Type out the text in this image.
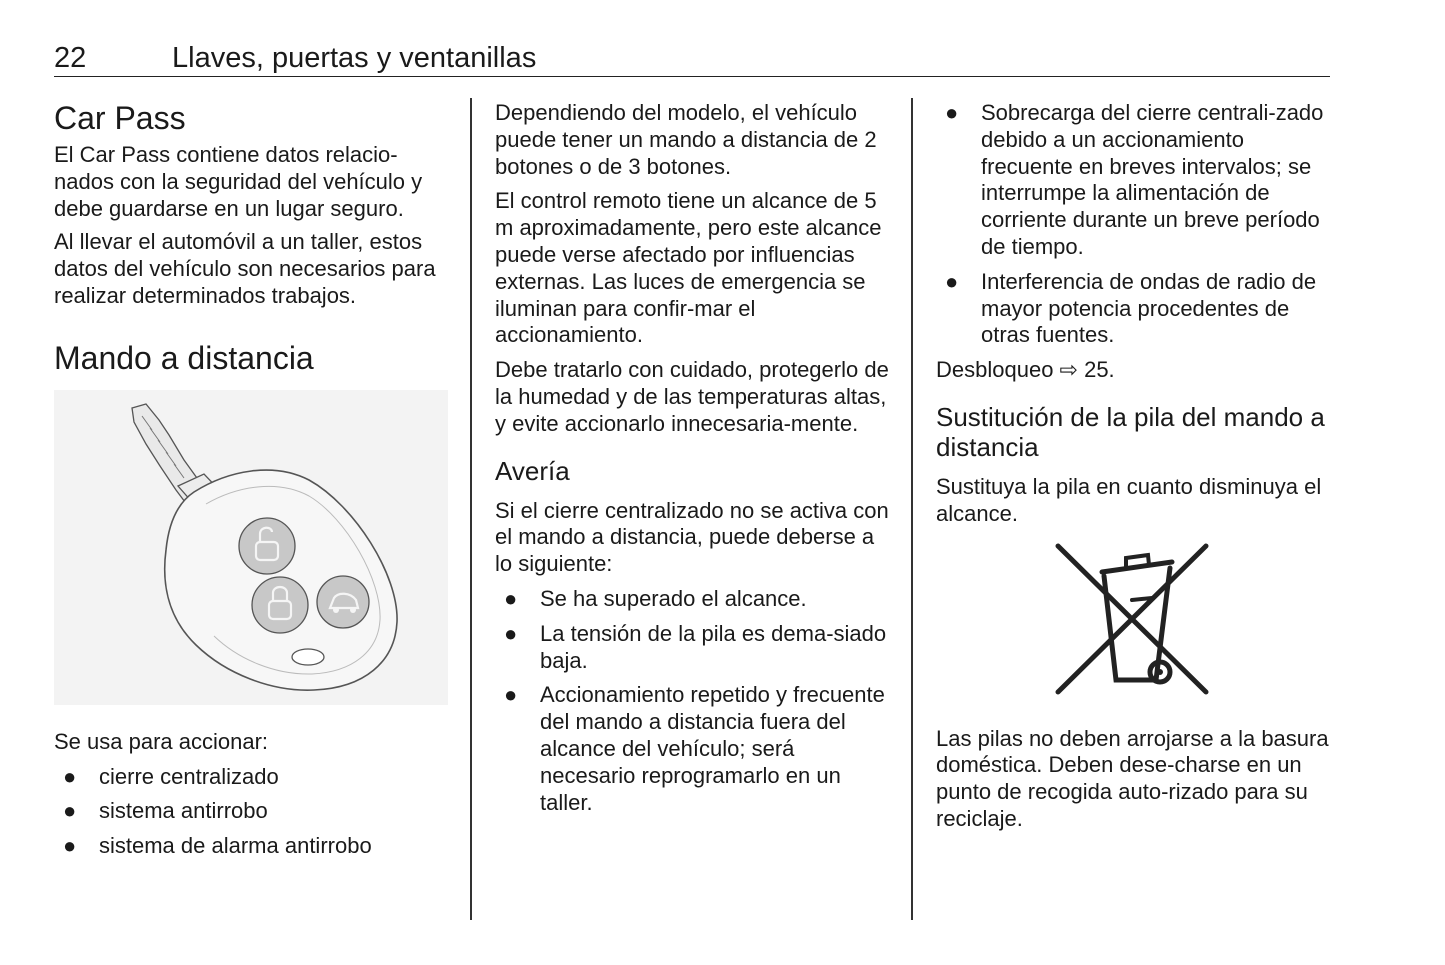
22	Llaves, puertas y ventanillas
Car Pass

El Car Pass contiene datos relacio-nados con la seguridad del vehículo y debe guardarse en un lugar seguro.

Al llevar el automóvil a un taller, estos datos del vehículo son necesarios para realizar determinados trabajos.

Mando a distancia

Se usa para accionar:

● cierre centralizado
● sistema antirrobo
● sistema de alarma antirrobo

Dependiendo del modelo, el vehículo puede tener un mando a distancia de 2 botones o de 3 botones.

El control remoto tiene un alcance de 5 m aproximadamente, pero este alcance puede verse afectado por influencias externas. Las luces de emergencia se iluminan para confir-mar el accionamiento.

Debe tratarlo con cuidado, protegerlo de la humedad y de las temperaturas altas, y evite accionarlo innecesaria-mente.

Avería

Si el cierre centralizado no se activa con el mando a distancia, puede deberse a lo siguiente:

● Se ha superado el alcance.
● La tensión de la pila es dema-siado baja.
● Accionamiento repetido y frecuente del mando a distancia fuera del alcance del vehículo; será necesario reprogramarlo en un taller.
● Sobrecarga del cierre centrali-zado debido a un accionamiento frecuente en breves intervalos; se interrumpe la alimentación de corriente durante un breve período de tiempo.
● Interferencia de ondas de radio de mayor potencia procedentes de otras fuentes.

Desbloqueo ⇨ 25.

Sustitución de la pila del mando a distancia

Sustituya la pila en cuanto disminuya el alcance.

Las pilas no deben arrojarse a la basura doméstica. Deben dese-charse en un punto de recogida auto-rizado para su reciclaje.
